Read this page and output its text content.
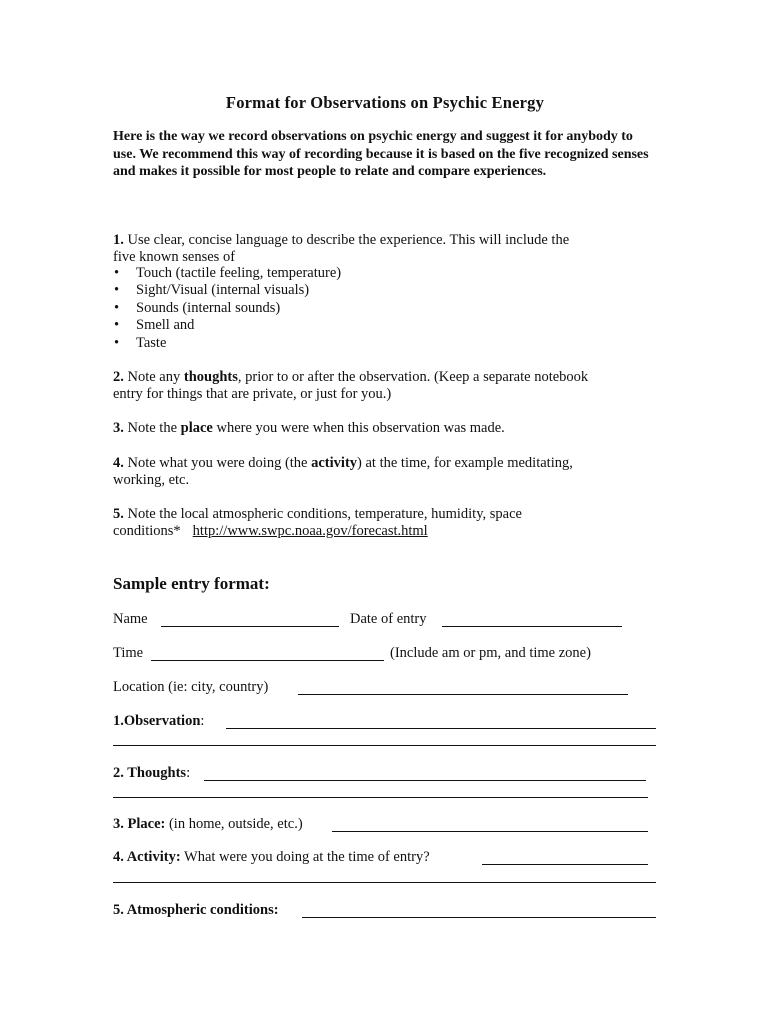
Format for Observations on Psychic Energy
Here is the way we record observations on psychic energy and suggest it for anybody to use. We recommend this way of recording because it is based on the five recognized senses and makes it possible for most people to relate and compare experiences.
1. Use clear, concise language to describe the experience. This will include the
five known senses of
• Touch (tactile feeling, temperature)
• Sight/Visual (internal visuals)
• Sounds (internal sounds)
• Smell and
• Taste
2. Note any thoughts, prior to or after the observation. (Keep a separate notebook
entry for things that are private, or just for you.)
3. Note the place where you were when this observation was made.
4. Note what you were doing (the activity) at the time, for example meditating,
working, etc.
5. Note the local atmospheric conditions, temperature, humidity, space
conditions* http://www.swpc.noaa.gov/forecast.html
Sample entry format:
Name	Date of entry
Time	(Include am or pm, and time zone)
Location (ie: city, country)
1.Observation:
2. Thoughts:
3. Place: (in home, outside, etc.)
4. Activity: What were you doing at the time of entry?
5. Atmospheric conditions:
